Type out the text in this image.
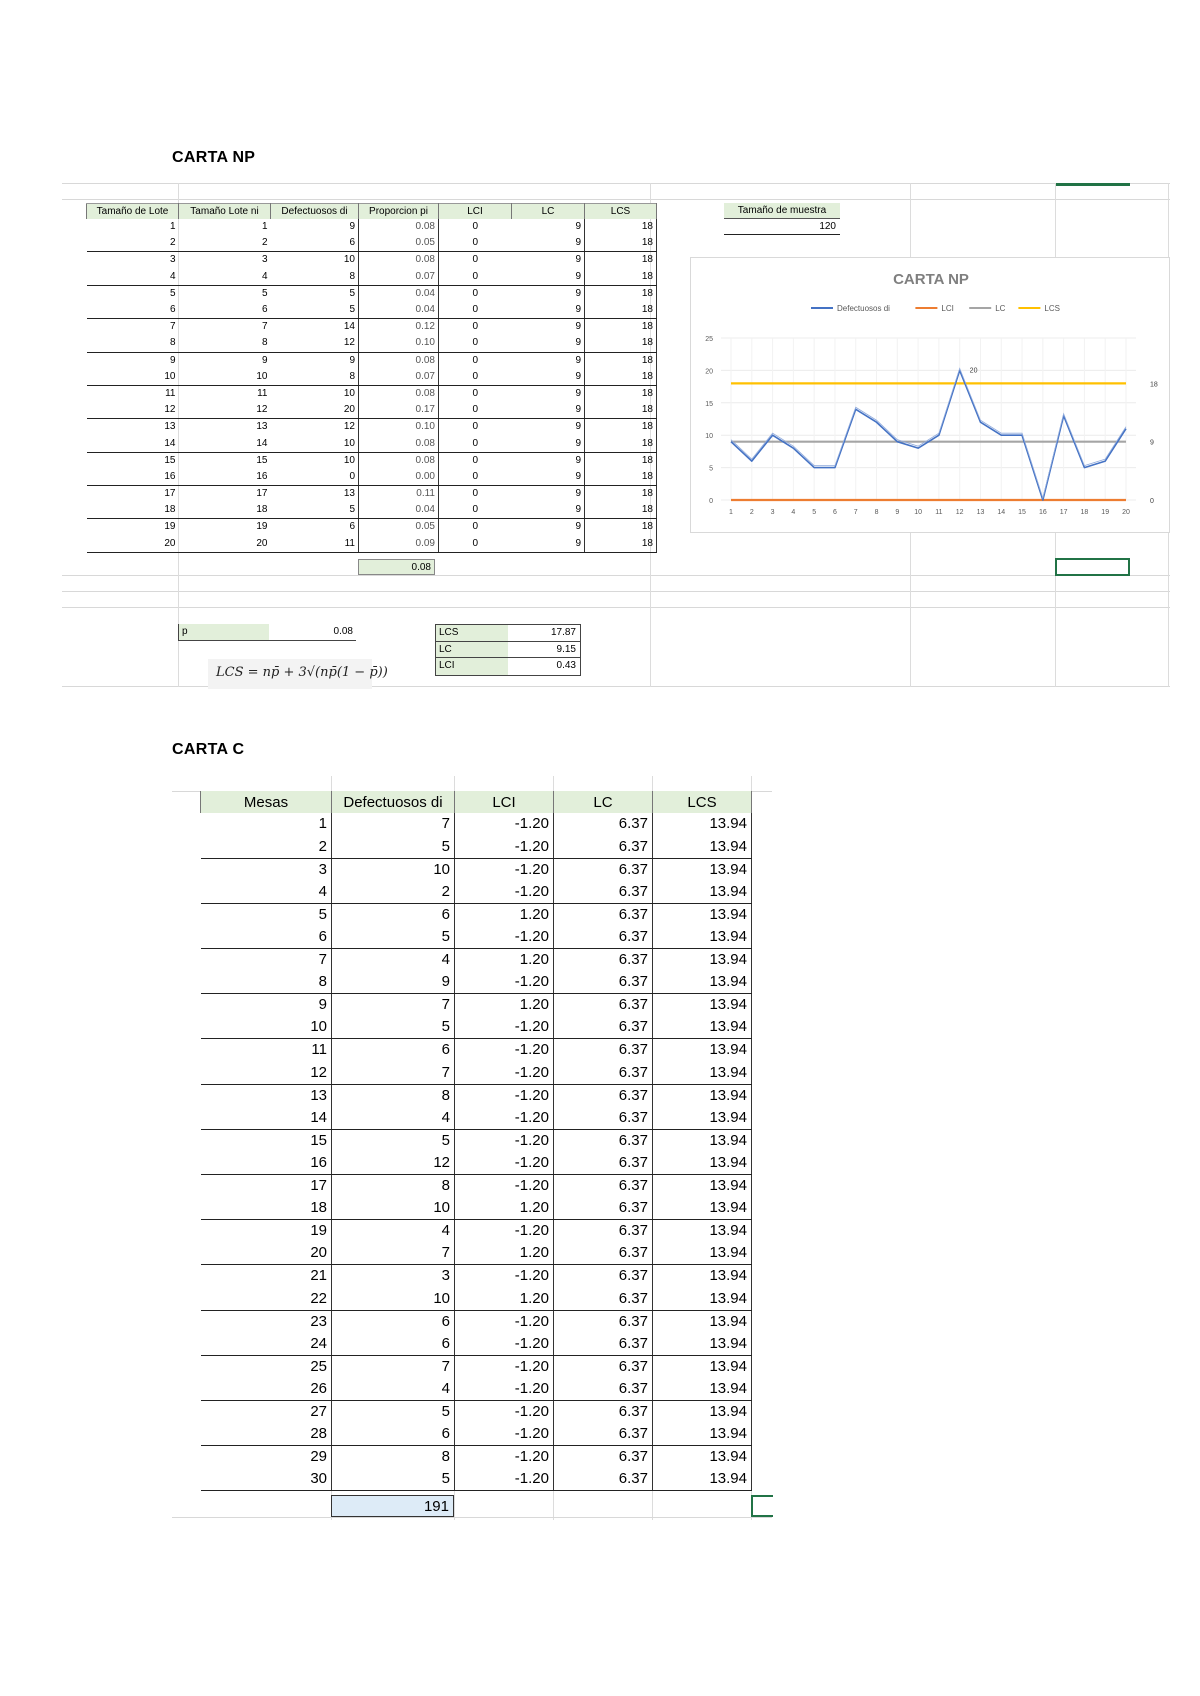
CARTA NP
Tamaño de Lote	Tamaño Lote ni	Defectuosos di	Proporcion pi	LCI	LC	LCS
1	1	9	0.08	0	9	18
2	2	6	0.05	0	9	18
3	3	10	0.08	0	9	18
4	4	8	0.07	0	9	18
5	5	5	0.04	0	9	18
6	6	5	0.04	0	9	18
7	7	14	0.12	0	9	18
8	8	12	0.10	0	9	18
9	9	9	0.08	0	9	18
10	10	8	0.07	0	9	18
11	11	10	0.08	0	9	18
12	12	20	0.17	0	9	18
13	13	12	0.10	0	9	18
14	14	10	0.08	0	9	18
15	15	10	0.08	0	9	18
16	16	0	0.00	0	9	18
17	17	13	0.11	0	9	18
18	18	5	0.04	0	9	18
19	19	6	0.05	0	9	18
20	20	11	0.09	0	9	18
0.08
Tamaño de muestra
120
p	0.08	LCS	17.87
LC	9.15
LCI	0.43
LCS = np̄ + 3√(np̄(1 − p̄))
CARTA NP
Defectuosos di	LCI	LC	LCS
0
5
10
15
20
25
1 2 3 4 5 6 7 8 9 10 11 12 13 14 15 16 17 18 19 20
20
18
9
0
CARTA C
Mesas	Defectuosos di	LCI	LC	LCS
1	7	-1.20	6.37	13.94
2	5	-1.20	6.37	13.94
3	10	-1.20	6.37	13.94
4	2	-1.20	6.37	13.94
5	6	1.20	6.37	13.94
6	5	-1.20	6.37	13.94
7	4	1.20	6.37	13.94
8	9	-1.20	6.37	13.94
9	7	1.20	6.37	13.94
10	5	-1.20	6.37	13.94
11	6	-1.20	6.37	13.94
12	7	-1.20	6.37	13.94
13	8	-1.20	6.37	13.94
14	4	-1.20	6.37	13.94
15	5	-1.20	6.37	13.94
16	12	-1.20	6.37	13.94
17	8	-1.20	6.37	13.94
18	10	1.20	6.37	13.94
19	4	-1.20	6.37	13.94
20	7	1.20	6.37	13.94
21	3	-1.20	6.37	13.94
22	10	1.20	6.37	13.94
23	6	-1.20	6.37	13.94
24	6	-1.20	6.37	13.94
25	7	-1.20	6.37	13.94
26	4	-1.20	6.37	13.94
27	5	-1.20	6.37	13.94
28	6	-1.20	6.37	13.94
29	8	-1.20	6.37	13.94
30	5	-1.20	6.37	13.94
191
